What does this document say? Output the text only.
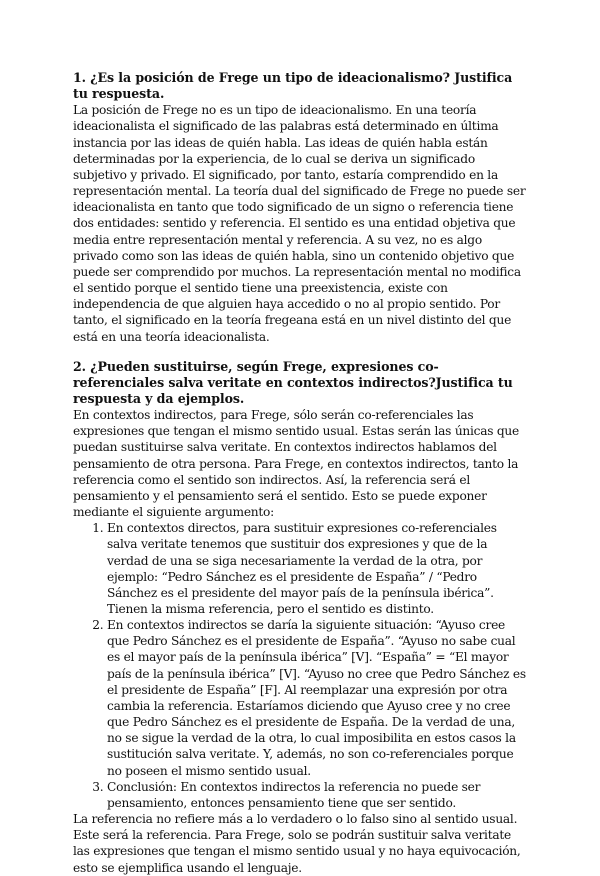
1. ¿Es la posición de Frege un tipo de ideacionalismo? Justifica tu respuesta.

La posición de Frege no es un tipo de ideacionalismo. En una teoría ideacionalista el significado de las palabras está determinado en última instancia por las ideas de quién habla. Las ideas de quién habla están determinadas por la experiencia, de lo cual se deriva un significado subjetivo y privado. El significado, por tanto, estaría comprendido en la representación mental. La teoría dual del significado de Frege no puede ser ideacionalista en tanto que todo significado de un signo o referencia tiene dos entidades: sentido y referencia. El sentido es una entidad objetiva que media entre representación mental y referencia. A su vez, no es algo privado como son las ideas de quién habla, sino un contenido objetivo que puede ser comprendido por muchos. La representación mental no modifica el sentido porque el sentido tiene una preexistencia, existe con independencia de que alguien haya accedido o no al propio sentido. Por tanto, el significado en la teoría fregeana está en un nivel distinto del que está en una teoría ideacionalista.

2. ¿Pueden sustituirse, según Frege, expresiones co-referenciales salva veritate en contextos indirectos?Justifica tu respuesta y da ejemplos.

En contextos indirectos, para Frege, sólo serán co-referenciales las expresiones que tengan el mismo sentido usual. Estas serán las únicas que puedan sustituirse salva veritate. En contextos indirectos hablamos del pensamiento de otra persona. Para Frege, en contextos indirectos, tanto la referencia como el sentido son indirectos. Así, la referencia será el pensamiento y el pensamiento será el sentido. Esto se puede exponer mediante el siguiente argumento:

1. En contextos directos, para sustituir expresiones co-referenciales salva veritate tenemos que sustituir dos expresiones y que de la verdad de una se siga necesariamente la verdad de la otra, por ejemplo: “Pedro Sánchez es el presidente de España” / “Pedro Sánchez es el presidente del mayor país de la península ibérica”. Tienen la misma referencia, pero el sentido es distinto.
2. En contextos indirectos se daría la siguiente situación: “Ayuso cree que Pedro Sánchez es el presidente de España”. “Ayuso no sabe cual es el mayor país de la península ibérica” [V]. “España” = “El mayor país de la península ibérica” [V]. “Ayuso no cree que Pedro Sánchez es el presidente de España” [F]. Al reemplazar una expresión por otra cambia la referencia. Estaríamos diciendo que Ayuso cree y no cree que Pedro Sánchez es el presidente de España. De la verdad de una, no se sigue la verdad de la otra, lo cual imposibilita en estos casos la sustitución salva veritate. Y, además, no son co-referenciales porque no poseen el mismo sentido usual.
3. Conclusión: En contextos indirectos la referencia no puede ser pensamiento, entonces pensamiento tiene que ser sentido.

La referencia no refiere más a lo verdadero o lo falso sino al sentido usual. Este será la referencia. Para Frege, solo se podrán sustituir salva veritate las expresiones que tengan el mismo sentido usual y no haya equivocación, esto se ejemplifica usando el lenguaje.
